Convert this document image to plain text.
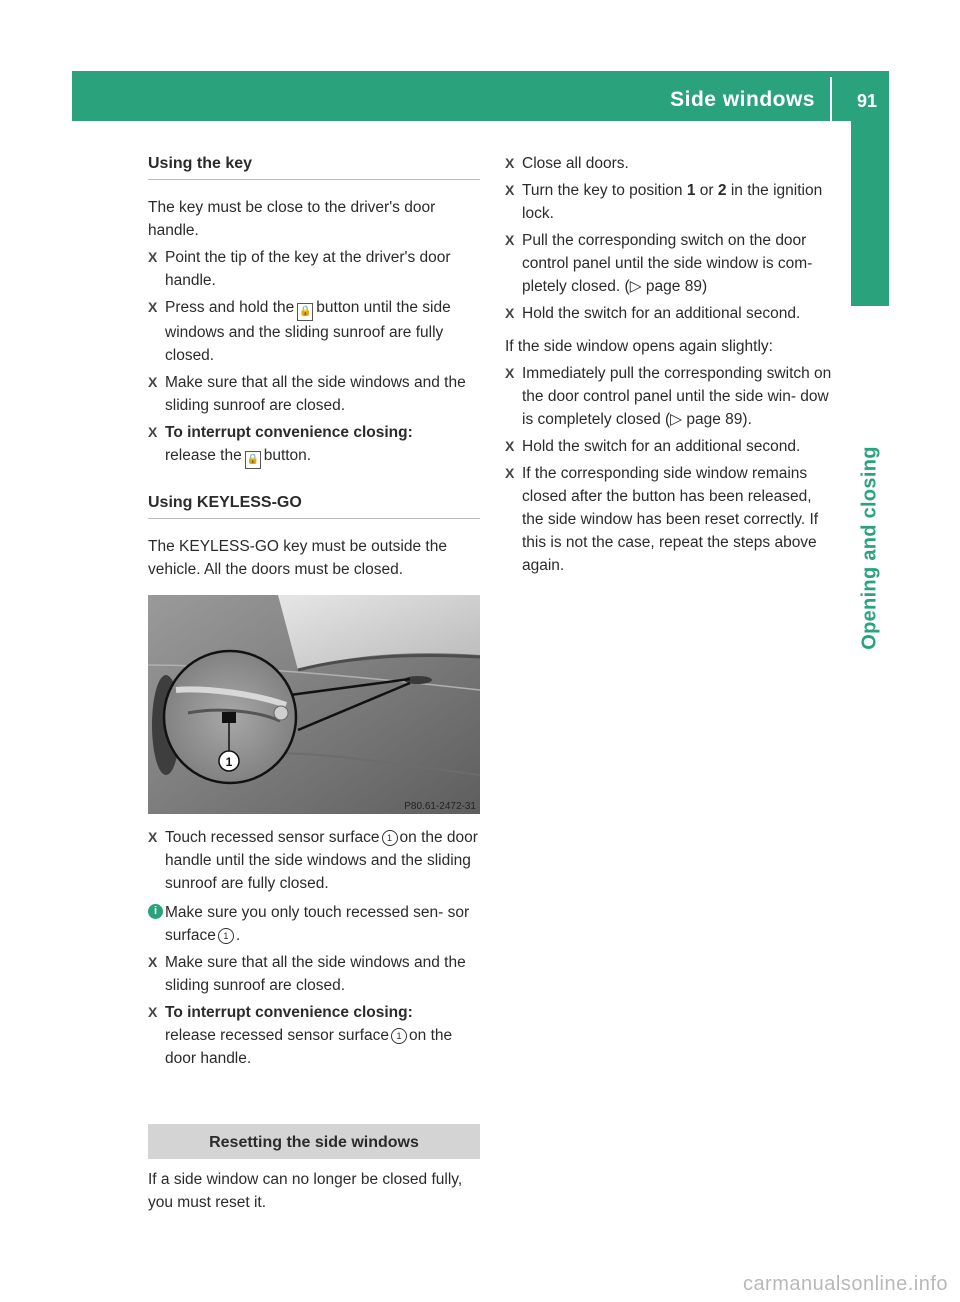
Side windows 91
Opening and closing
Using the key

The key must be close to the driver's door handle.

X Point the tip of the key at the driver's door handle.
X Press and hold the 🔒 button until the side windows and the sliding sunroof are fully closed.
X Make sure that all the side windows and the sliding sunroof are closed.
X To interrupt convenience closing:
release the 🔒 button.
Using KEYLESS-GO

The KEYLESS-GO key must be outside the vehicle. All the doors must be closed.

1
P80.61-2472-31
X Touch recessed sensor surface 1 on the door handle until the side windows and the sliding sunroof are fully closed.
i Make sure you only touch recessed sen- sor surface 1 .
X Make sure that all the side windows and the sliding sunroof are closed.
X To interrupt convenience closing:
release recessed sensor surface 1 on the door handle.
Resetting the side windows

If a side window can no longer be closed fully, you must reset it.

X Close all doors.
X Turn the key to position 1 or 2 in the ignition lock.
X Pull the corresponding switch on the door control panel until the side window is com- pletely closed. (▷ page 89)
X Hold the switch for an additional second.

If the side window opens again slightly:

X Immediately pull the corresponding switch on the door control panel until the side win- dow is completely closed (▷ page 89).
X Hold the switch for an additional second.
X If the corresponding side window remains closed after the button has been released, the side window has been reset correctly. If this is not the case, repeat the steps above again.
carmanualsonline.info
